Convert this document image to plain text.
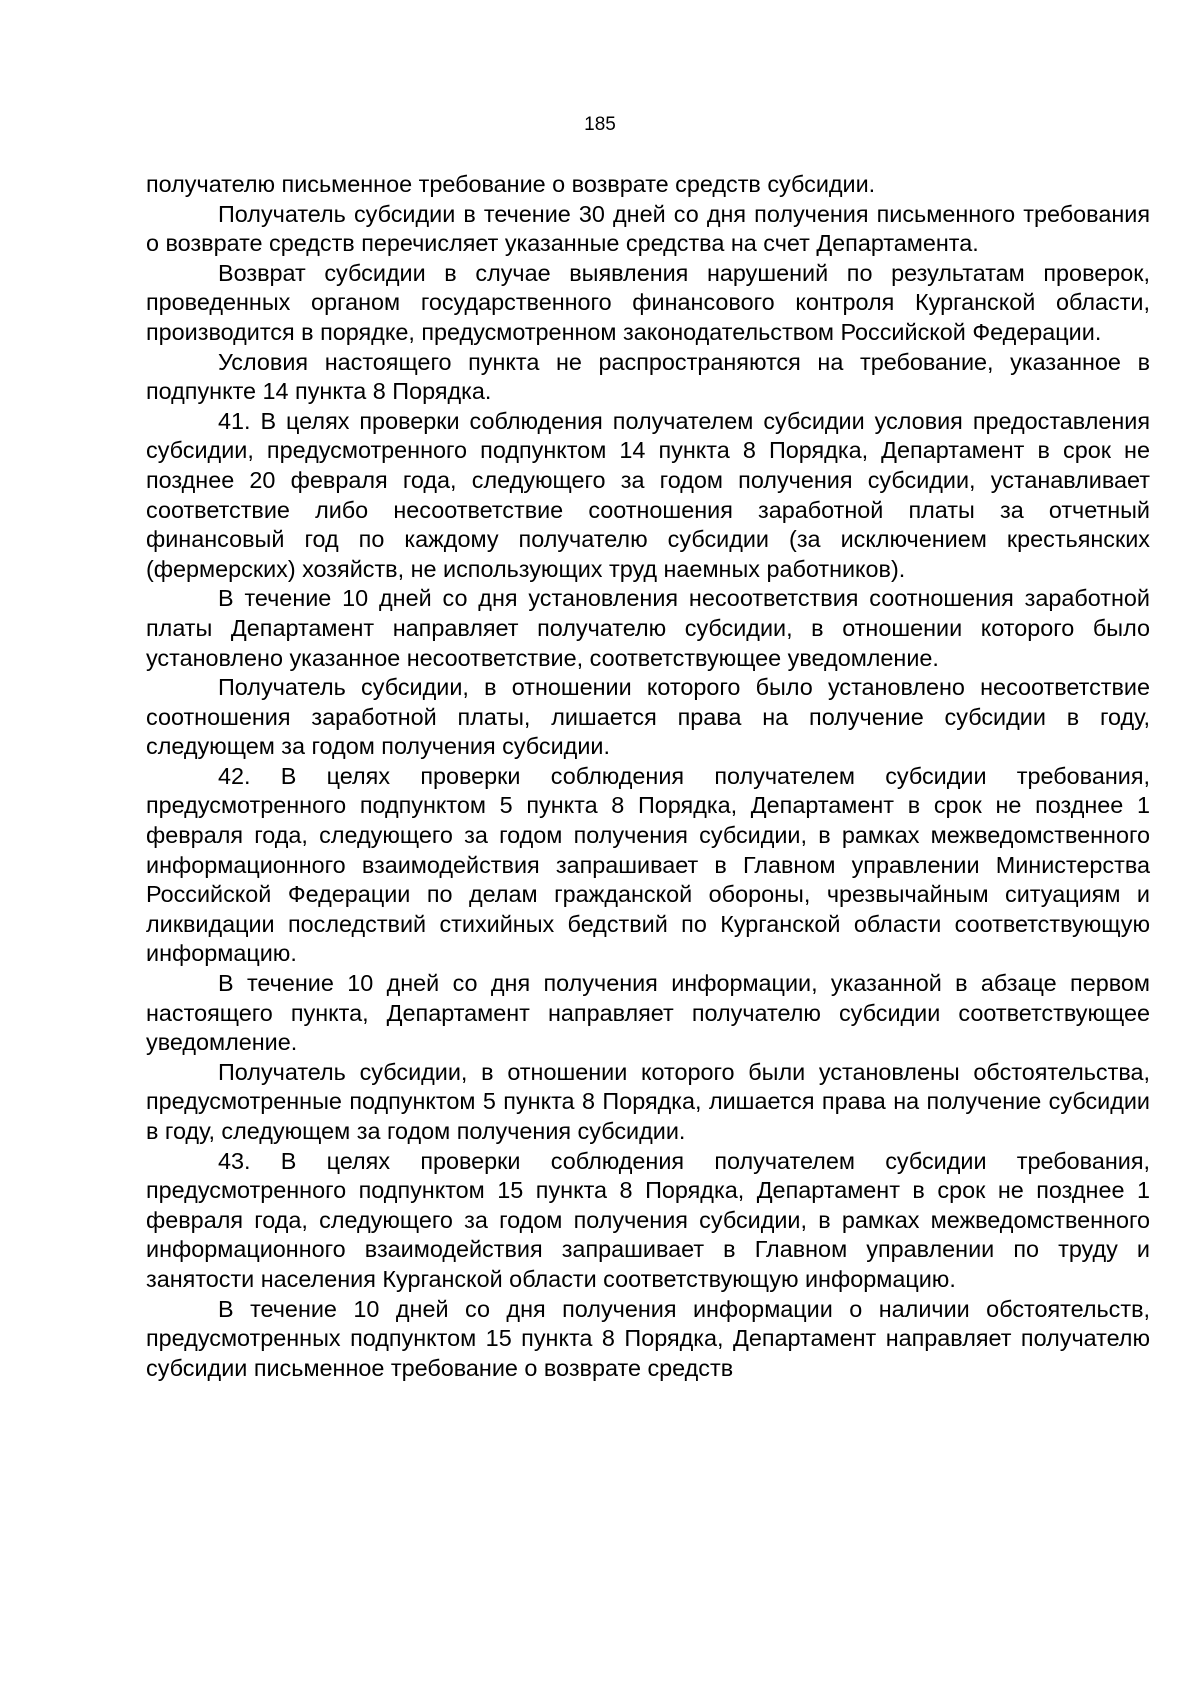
185

получателю письменное требование о возврате средств субсидии.

Получатель субсидии в течение 30 дней со дня получения письменного требования о возврате средств перечисляет указанные средства на счет Департамента.

Возврат субсидии в случае выявления нарушений по результатам проверок, проведенных органом государственного финансового контроля Курганской области, производится в порядке, предусмотренном законодательством Российской Федерации.

Условия настоящего пункта не распространяются на требование, указанное в подпункте 14 пункта 8 Порядка.

41. В целях проверки соблюдения получателем субсидии условия предоставления субсидии, предусмотренного подпунктом 14 пункта 8 Порядка, Департамент в срок не позднее 20 февраля года, следующего за годом получения субсидии, устанавливает соответствие либо несоответствие соотношения заработной платы за отчетный финансовый год по каждому получателю субсидии (за исключением крестьянских (фермерских) хозяйств, не использующих труд наемных работников).

В течение 10 дней со дня установления несоответствия соотношения заработной платы Департамент направляет получателю субсидии, в отношении которого было установлено указанное несоответствие, соответствующее уведомление.

Получатель субсидии, в отношении которого было установлено несоответствие соотношения заработной платы, лишается права на получение субсидии в году, следующем за годом получения субсидии.

42. В целях проверки соблюдения получателем субсидии требования, предусмотренного подпунктом 5 пункта 8 Порядка, Департамент в срок не позднее 1 февраля года, следующего за годом получения субсидии, в рамках межведомственного информационного взаимодействия запрашивает в Главном управлении Министерства Российской Федерации по делам гражданской обороны, чрезвычайным ситуациям и ликвидации последствий стихийных бедствий по Курганской области соответствующую информацию.

В течение 10 дней со дня получения информации, указанной в абзаце первом настоящего пункта, Департамент направляет получателю субсидии соответствующее уведомление.

Получатель субсидии, в отношении которого были установлены обстоятельства, предусмотренные подпунктом 5 пункта 8 Порядка, лишается права на получение субсидии в году, следующем за годом получения субсидии.

43. В целях проверки соблюдения получателем субсидии требования, предусмотренного подпунктом 15 пункта 8 Порядка, Департамент в срок не позднее 1 февраля года, следующего за годом получения субсидии, в рамках межведомственного информационного взаимодействия запрашивает в Главном управлении по труду и занятости населения Курганской области соответствующую информацию.

В течение 10 дней со дня получения информации о наличии обстоятельств, предусмотренных подпунктом 15 пункта 8 Порядка, Департамент направляет получателю субсидии письменное требование о возврате средств
